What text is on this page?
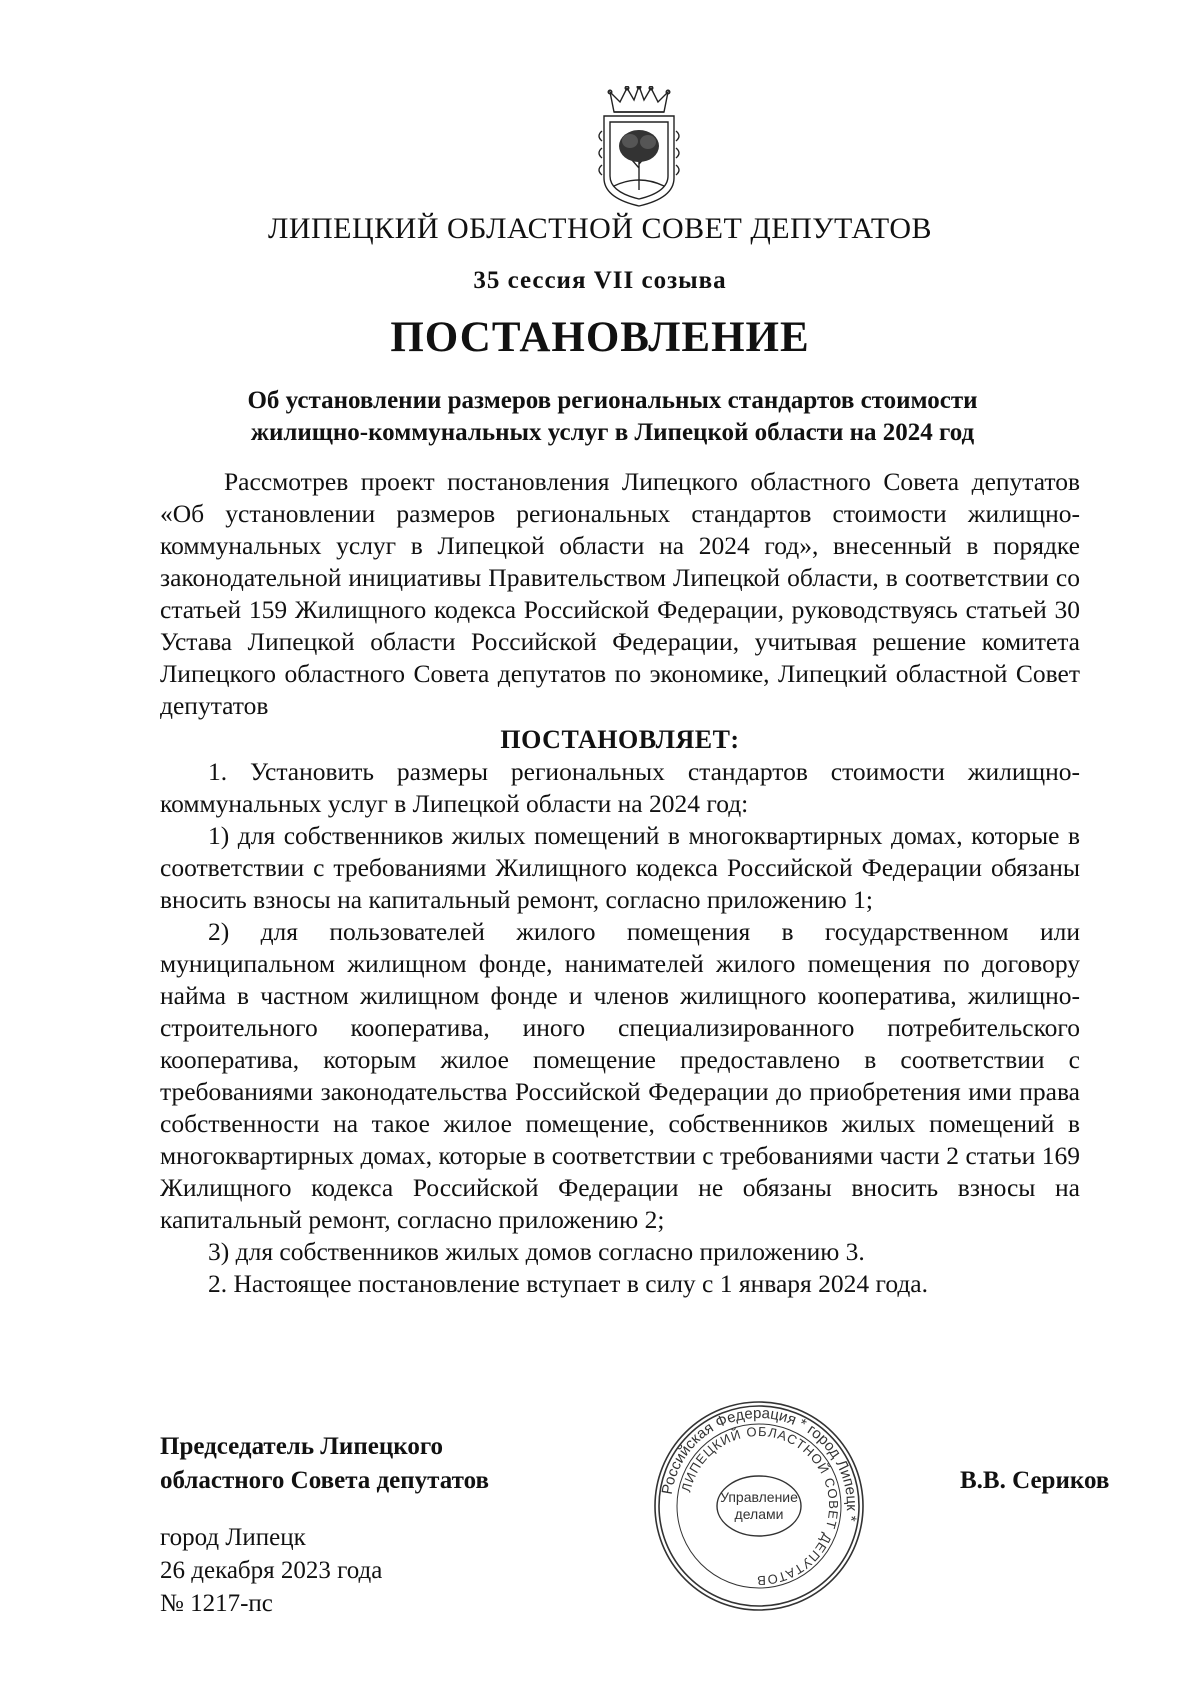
ЛИПЕЦКИЙ ОБЛАСТНОЙ СОВЕТ ДЕПУТАТОВ
35 сессия VII созыва
ПОСТАНОВЛЕНИЕ
Об установлении размеров региональных стандартов стоимости
жилищно-коммунальных услуг в Липецкой области на 2024 год

Рассмотрев проект постановления Липецкого областного Совета депутатов «Об установлении размеров региональных стандартов стоимости жилищно-коммунальных услуг в Липецкой области на 2024 год», внесенный в порядке законодательной инициативы Правительством Липецкой области, в соответствии со статьей 159 Жилищного кодекса Российской Федерации, руководствуясь статьей 30 Устава Липецкой области Российской Федерации, учитывая решение комитета Липецкого областного Совета депутатов по экономике, Липецкий областной Совет депутатов

ПОСТАНОВЛЯЕТ:

1. Установить размеры региональных стандартов стоимости жилищно-коммунальных услуг в Липецкой области на 2024 год:

1) для собственников жилых помещений в многоквартирных домах, которые в соответствии с требованиями Жилищного кодекса Российской Федерации обязаны вносить взносы на капитальный ремонт, согласно приложению 1;

2) для пользователей жилого помещения в государственном или муниципальном жилищном фонде, нанимателей жилого помещения по договору найма в частном жилищном фонде и членов жилищного кооператива, жилищно-строительного кооператива, иного специализированного потребительского кооператива, которым жилое помещение предоставлено в соответствии с требованиями законодательства Российской Федерации до приобретения ими права собственности на такое жилое помещение, собственников жилых помещений в многоквартирных домах, которые в соответствии с требованиями части 2 статьи 169 Жилищного кодекса Российской Федерации не обязаны вносить взносы на капитальный ремонт, согласно приложению 2;

3) для собственников жилых домов согласно приложению 3.

2. Настоящее постановление вступает в силу с 1 января 2024 года.

Председатель Липецкого
областного Совета депутатов	В.В. Сериков
город Липецк
26 декабря 2023 года
№ 1217-пс
Российская Федерация * город Липецк *
ЛИПЕЦКИЙ ОБЛАСТНОЙ СОВЕТ ДЕПУТАТОВ
Управление
делами
